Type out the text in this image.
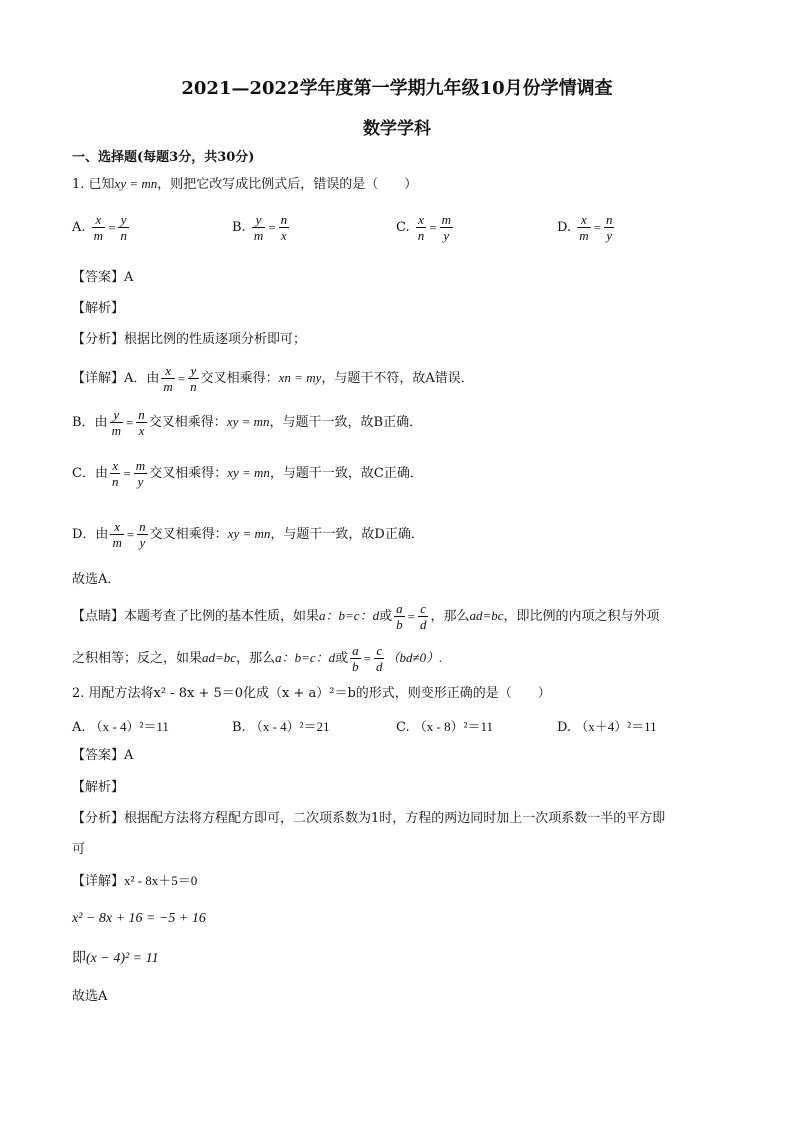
2021—2022学年度第一学期九年级10月份学情调查
数学学科
一、选择题(每题3分，共30分)
1. 已知xy = mn，则把它改写成比例式后，错误的是（　　）
A. $\frac{x}{m} = \frac{y}{n}$	B. $\frac{y}{m} = \frac{n}{x}$	C. $\frac{x}{n} = \frac{m}{y}$	D. $\frac{x}{m} = \frac{n}{y}$
【答案】A
【解析】
【分析】根据比例的性质逐项分析即可；
【详解】A．由 $\frac{x}{m} = \frac{y}{n}$ 交叉相乘得：xn = my，与题干不符，故A错误．
B．由 $\frac{y}{m} = \frac{n}{x}$ 交叉相乘得：xy = mn，与题干一致，故B正确．
C．由 $\frac{x}{n} = \frac{m}{y}$ 交叉相乘得：xy = mn，与题干一致，故C正确．
D．由 $\frac{x}{m} = \frac{n}{y}$ 交叉相乘得：xy = mn，与题干一致，故D正确．
故选A．
【点睛】本题考查了比例的基本性质，如果a：b=c：d或 $\frac{a}{b} = \frac{c}{d}$ ，那么ad=bc，即比例的内项之积与外项
之积相等；反之，如果ad=bc，那么a：b=c：d或 $\frac{a}{b} = \frac{c}{d} (bd\ne 0)$.
2. 用配方法将x² - 8x + 5＝0化成（x + a）²＝b的形式，则变形正确的是（　　）
A. （x - 4）²＝11	B. （x - 4）²＝21	C. （x - 8）²＝11	D. （x＋4）²＝11
【答案】A
【解析】
【分析】根据配方法将方程配方即可，二次项系数为1时，方程的两边同时加上一次项系数一半的平方即
可
【详解】x² - 8x＋5＝0
x² − 8x + 16 = −5 + 16
即(x − 4)² = 11
故选A
